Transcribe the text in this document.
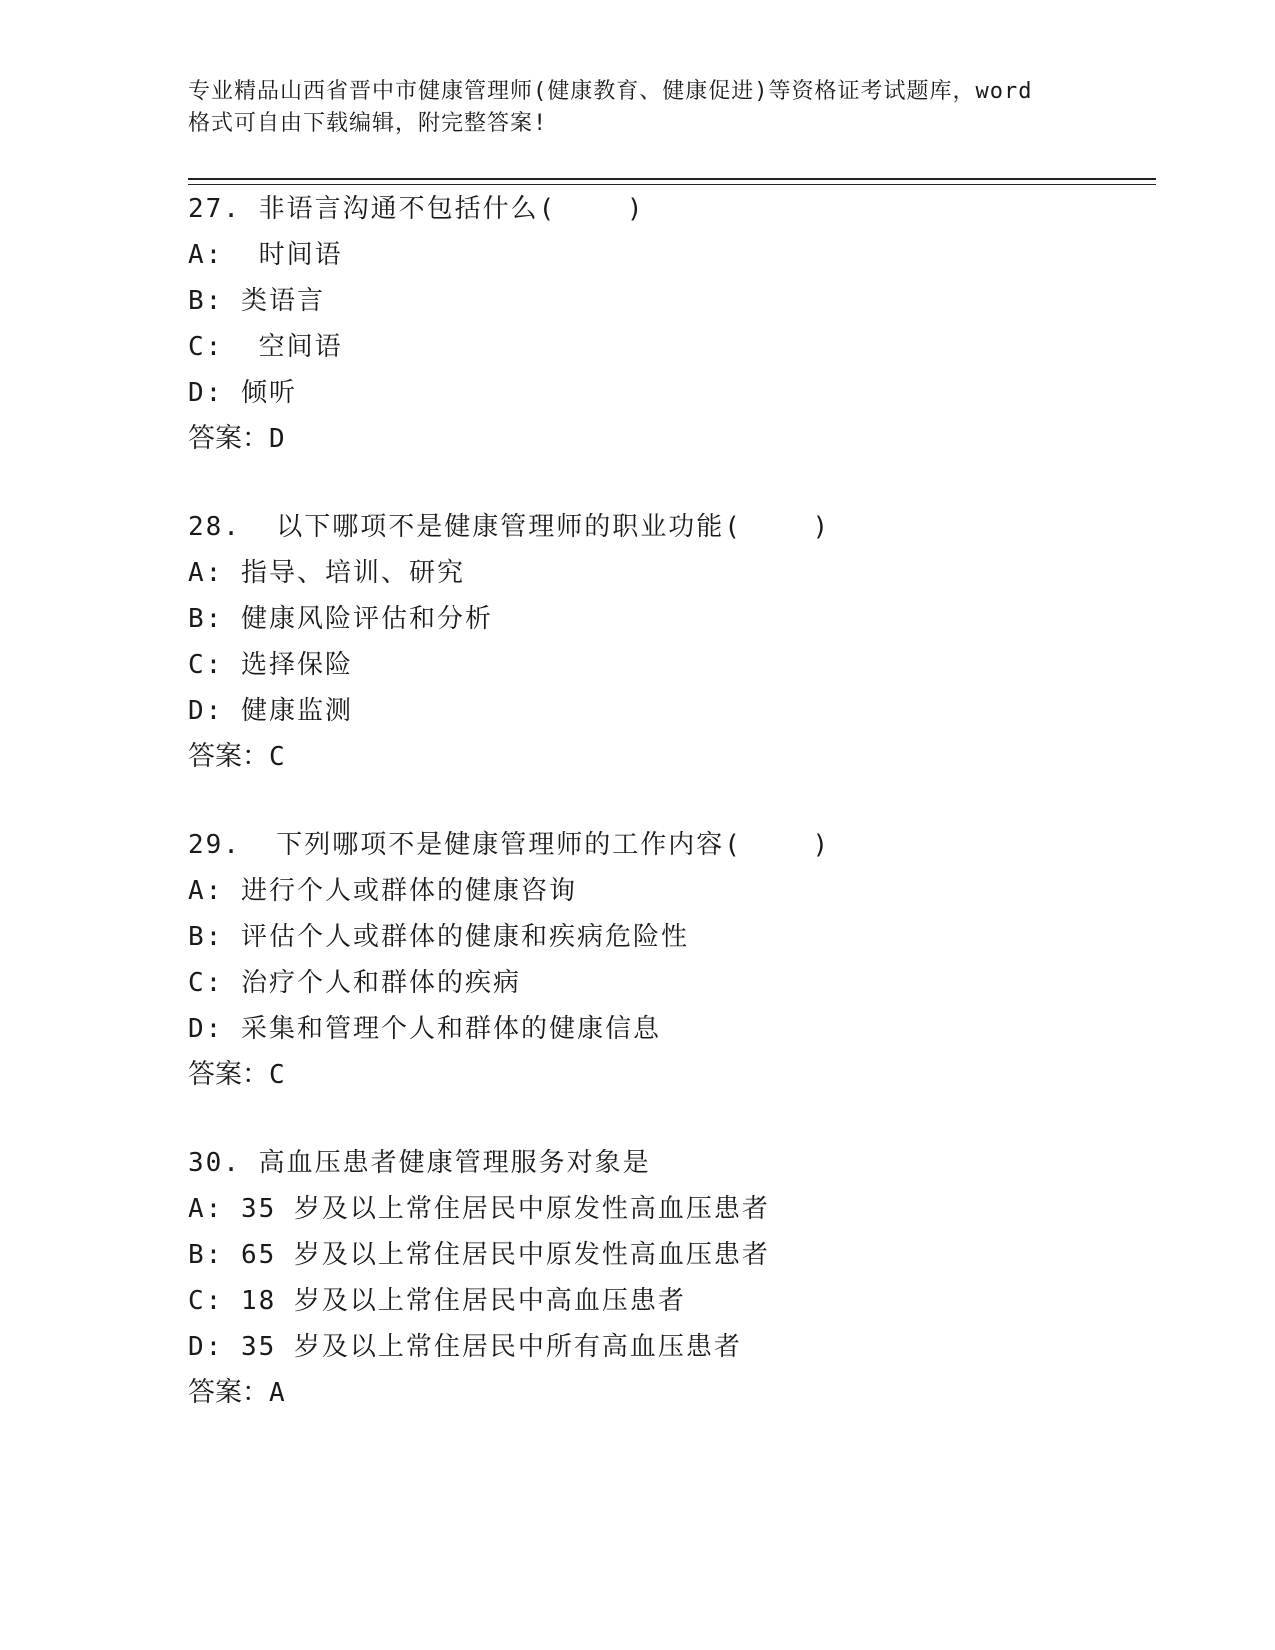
专业精品山西省晋中市健康管理师(健康教育、健康促进)等资格证考试题库，word
格式可自由下载编辑，附完整答案!
27. 非语言沟通不包括什么(    )
A:  时间语
B: 类语言
C:  空间语
D: 倾听
答案：D
28.  以下哪项不是健康管理师的职业功能(    )
A: 指导、培训、研究
B: 健康风险评估和分析
C: 选择保险
D: 健康监测
答案：C
29.  下列哪项不是健康管理师的工作内容(    )
A: 进行个人或群体的健康咨询
B: 评估个人或群体的健康和疾病危险性
C: 治疗个人和群体的疾病
D: 采集和管理个人和群体的健康信息
答案：C
30. 高血压患者健康管理服务对象是
A: 35 岁及以上常住居民中原发性高血压患者
B: 65 岁及以上常住居民中原发性高血压患者
C: 18 岁及以上常住居民中高血压患者
D: 35 岁及以上常住居民中所有高血压患者
答案：A
